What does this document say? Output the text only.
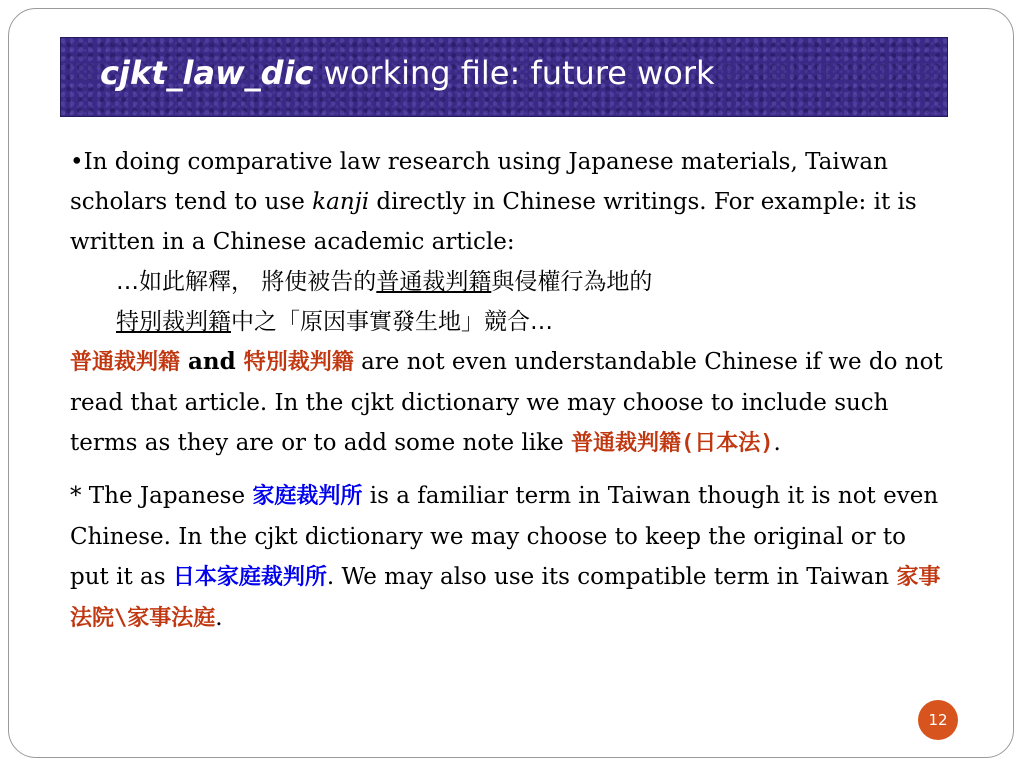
cjkt_law_dic working file: future work

•In doing comparative law research using Japanese materials, Taiwan scholars tend to use kanji directly in Chinese writings. For example: it is written in a Chinese academic article:

…如此解釋， 將使被告的普通裁判籍與侵權行為地的
特別裁判籍中之「原因事實發生地」競合…

普通裁判籍 and 特別裁判籍 are not even understandable Chinese if we do not read that article. In the cjkt dictionary we may choose to include such terms as they are or to add some note like 普通裁判籍(日本法).

* The Japanese 家庭裁判所 is a familiar term in Taiwan though it is not even Chinese. In the cjkt dictionary we may choose to keep the original or to put it as 日本家庭裁判所. We may also use its compatible term in Taiwan 家事法院\家事法庭.

12
